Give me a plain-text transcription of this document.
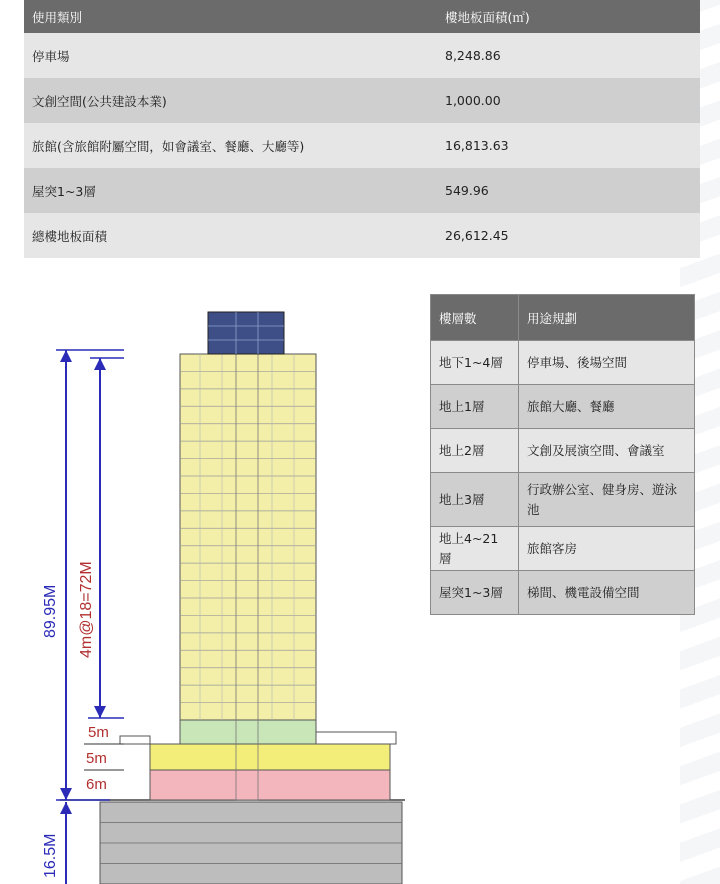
使用類別	樓地板面積(㎡)
停車場	8,248.86
文創空間(公共建設本業)	1,000.00
旅館(含旅館附屬空間，如會議室、餐廳、大廳等)	16,813.63
屋突1~3層	549.96
總樓地板面積	26,612.45
樓層數	用途規劃
地下1~4層	停車場、後場空間
地上1層	旅館大廳、餐廳
地上2層	文創及展演空間、會議室
地上3層	行政辦公室、健身房、遊泳池
地上4~21層	旅館客房
屋突1~3層	梯間、機電設備空間
89.95M 4m@18=72M
5m
5m
6m
16.5M
